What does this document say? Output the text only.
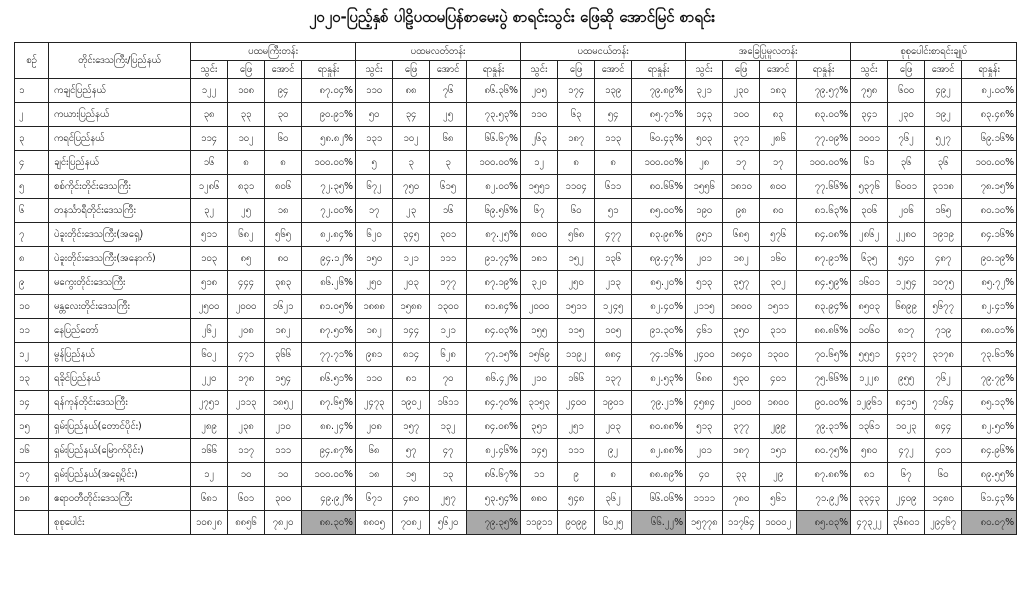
၂၀၂၀-ပြည့်နှစ် ပါဠိပထမပြန်စာမေးပွဲ စာရင်းသွင်း ဖြေဆို အောင်မြင် စာရင်း
စဉ်	တိုင်းဒေသကြီး/ပြည်နယ်	ပထမကြီးတန်း				ပထမလတ်တန်း				ပထမငယ်တန်း				အခြေပြုမူလတန်း				စုစုပေါင်းစာရင်းချုပ်			
		သွင်း	ဖြေ	အောင်	ရာနှုန်း	သွင်း	ဖြေ	အောင်	ရာနှုန်း	သွင်း	ဖြေ	အောင်	ရာနှုန်း	သွင်း	ဖြေ	အောင်	ရာနှုန်း	သွင်း	ဖြေ	အောင်	ရာနှုန်း
၁	ကချင်ပြည်နယ်	၁၂၂	၁၀၈	၉၄	၈၇.၀၄%	၁၁၀	၈၈	၇၆	၈၆.၃၆%	၂၀၅	၁၇၄	၁၃၉	၇၉.၈၉%	၃၂၁	၂၃၀	၁၈၃	၇၉.၅၇%	၇၅၈	၆၀၀	၄၉၂	၈၂.၀၀%
၂	ကယားပြည်နယ်	၃၈	၃၃	၃၀	၉၀.၉၁%	၅၀	၃၄	၂၅	၇၃.၅၃%	၁၁၀	၆၃	၅၄	၈၅.၇၁%	၁၄၃	၁၀၀	၈၃	၈၃.၀၀%	၃၄၁	၂၃၀	၁၉၂	၈၃.၄၈%
၃	ကရင်ပြည်နယ်	၁၁၄	၁၀၂	၆၀	၅၈.၈၂%	၁၃၁	၁၀၂	၆၈	၆၆.၆၇%	၂၆၃	၁၈၇	၁၁၃	၆၀.၄၃%	၅၀၃	၃၇၁	၂၈၆	၇၇.၀၉%	၁၀၀၁	၇၆၂	၅၂၇	၆၉.၁၆%
၄	ချင်းပြည်နယ်	၁၆	၈	၈	၁၀၀.၀၀%	၅	၃	၃	၁၀၀.၀၀%	၁၂	၈	၈	၁၀၀.၀၀%	၂၈	၁၇	၁၇	၁၀၀.၀၀%	၆၁	၃၆	၃၆	၁၀၀.၀၀%
၅	စစ်ကိုင်းတိုင်းဒေသကြီး	၁၂၈၆	၈၃၁	၈၀၆	၇၂.၃၅%	၆၇၂	၇၅၀	၆၁၅	၈၂.၀၀%	၁၅၅၁	၁၁၀၄	၆၁၁	၈၀.၆၆%	၁၅၅၆	၁၈၁၀	၈၀၀	၇၇.၆၆%	၅၃၇၆	၆၀၀၁	၃၁၁၈	၇၈.၁၅%
၆	တနင်္သာရီတိုင်းဒေသကြီး	၃၂	၂၅	၁၈	၇၂.၀၀%	၁၇	၂၃	၁၆	၆၉.၅၆%	၆၇	၆၀	၅၁	၈၅.၀၀%	၁၉၀	၉၈	၈၀	၈၁.၆၃%	၃၀၆	၂၀၆	၁၆၅	၈၀.၁၀%
၇	ပဲခူးတိုင်းဒေသကြီး(အရှေ့)	၅၁၁	၆၈၂	၅၆၅	၈၂.၈၄%	၆၂၀	၃၄၅	၃၀၁	၈၇.၂၅%	၈၀၀	၅၆၈	၄၇၇	၈၃.၉၈%	၉၅၁	၆၈၅	၅၇၆	၈၄.၀၈%	၂၈၆၂	၂၂၈၀	၁၉၁၉	၈၄.၁၆%
၈	ပဲခူးတိုင်းဒေသကြီး(အနောက်)	၁၀၃	၈၅	၈၀	၉၄.၁၂%	၁၅၀	၁၂၁	၁၁၁	၉၁.၇၄%	၁၈၁	၁၅၂	၁၃၆	၈၉.၄၇%	၂၀၁	၁၈၂	၁၆၀	၈၇.၉၁%	၆၃၅	၅၄၀	၄၈၇	၉၀.၁၉%
၉	မကွေးတိုင်းဒေသကြီး	၅၁၈	၄၄၄	၃၈၃	၈၆.၂၆%	၂၅၀	၂၀၃	၁၇၇	၈၇.၁၉%	၃၂၀	၂၅၀	၂၁၃	၈၅.၂၀%	၅၁၃	၃၅၇	၃၀၂	၈၄.၅၉%	၁၆၀၁	၁၂၅၄	၁၀၇၅	၈၅.၇၂%
၁၀	မန္တလေးတိုင်းဒေသကြီး	၂၅၀၀	၂၀၀၀	၁၆၂၁	၈၁.၀၅%	၁၈၈၈	၁၅၈၈	၁၃၀၀	၈၁.၈၄%	၂၀၀၀	၁၅၁၁	၁၂၄၅	၈၂.၄၀%	၂၁၁၅	၁၈၀၀	၁၅၁၁	၈၃.၉၄%	၈၅၀၃	၆၈၉၉	၅၆၇၇	၈၂.၄၁%
၁၁	နေပြည်တော်	၂၆၂	၂၀၈	၁၈၂	၈၇.၅၀%	၁၈၂	၁၄၄	၁၂၁	၈၄.၀၃%	၁၅၅	၁၁၅	၁၀၅	၉၁.၃၀%	၄၆၁	၃၅၀	၃၁၁	၈၈.၈၆%	၁၀၆၀	၈၁၇	၇၁၉	၈၈.၀၁%
၁၂	မွန်ပြည်နယ်	၆၀၂	၄၇၁	၃၆၆	၇၇.၇၁%	၉၈၁	၈၁၄	၆၂၈	၇၇.၁၅%	၁၅၆၉	၁၁၉၂	၈၈၄	၇၄.၁၆%	၂၄၀၀	၁၈၄၀	၁၃၀၀	၇၀.၆၅%	၅၅၅၁	၄၃၁၇	၃၁၇၈	၇၃.၆၁%
၁၃	ရခိုင်ပြည်နယ်	၂၂၀	၁၇၈	၁၅၄	၈၆.၅၁%	၁၁၀	၈၁	၇၀	၈၆.၄၂%	၂၁၀	၁၆၆	၁၃၇	၈၂.၅၃%	၆၈၈	၅၃၀	၄၀၁	၇၅.၆၆%	၁၂၂၈	၉၅၅	၇၆၂	၇၉.၇၉%
၁၄	ရန်ကုန်တိုင်းဒေသကြီး	၂၇၅၁	၂၁၁၃	၁၈၅၂	၈၇.၆၅%	၂၄၇၃	၁၉၀၂	၁၆၁၁	၈၄.၇၀%	၃၁၅၃	၂၄၀၀	၁၉၀၁	၇၉.၂၁%	၄၅၈၄	၂၀၀၀	၁၈၀၀	၉၀.၀၀%	၁၂၉၆၁	၈၄၁၅	၇၁၆၄	၈၅.၁၃%
၁၅	ရှမ်းပြည်နယ်(တောင်ပိုင်း)	၂၈၉	၂၃၈	၂၁၀	၈၈.၂၄%	၂၀၈	၁၅၇	၁၃၂	၈၄.၀၈%	၃၅၁	၂၅၁	၂၀၃	၈၀.၈၈%	၅၁၃	၃၇၇	၂၉၉	၇၉.၃၁%	၁၃၆၁	၁၀၂၃	၈၄၄	၈၂.၅၀%
၁၆	ရှမ်းပြည်နယ်(မြောက်ပိုင်း)	၁၆၆	၁၁၇	၁၁၁	၉၄.၈၇%	၆၈	၅၇	၄၇	၈၂.၄၆%	၁၄၅	၁၁၁	၉၂	၈၂.၈၈%	၂၀၁	၁၈၇	၁၅၁	၈၀.၇၅%	၅၈၀	၄၇၂	၄၀၁	၈၄.၉၆%
၁၇	ရှမ်းပြည်နယ်(အရှေ့ပိုင်း)	၁၂	၁၀	၁၀	၁၀၀.၀၀%	၁၈	၁၅	၁၃	၈၆.၆၇%	၁၁	၉	၈	၈၈.၈၉%	၄၀	၃၃	၂၉	၈၇.၈၈%	၈၁	၆၇	၆၀	၈၉.၅၅%
၁၈	ဧရာဝတီတိုင်းဒေသကြီး	၆၈၁	၆၀၁	၃၀၀	၄၉.၉၂%	၆၇၁	၄၈၀	၂၅၇	၅၃.၅၄%	၈၈၀	၅၄၈	၃၆၂	၆၆.၀၆%	၁၁၁၁	၇၈၀	၅၆၁	၇၁.၉၂%	၃၃၄၃	၂၄၀၉	၁၄၈၀	၆၁.၄၃%
	စုစုပေါင်း	၁၀၈၂၈	၈၈၅၆	၇၈၂၀	၈၈.၃၀%	၈၈၀၅	၇၀၈၂	၅၆၂၀	၇၉.၃၅%	၁၁၉၁၁	၉၀၉၉	၆၀၂၅	၆၆.၂၂%	၁၅၇၇၈	၁၁၇၆၄	၁၀၀၀၂	၈၅.၀၃%	၄၇၃၂၂	၃၆၈၀၁	၂၉၄၆၇	၈၀.၀၇%
